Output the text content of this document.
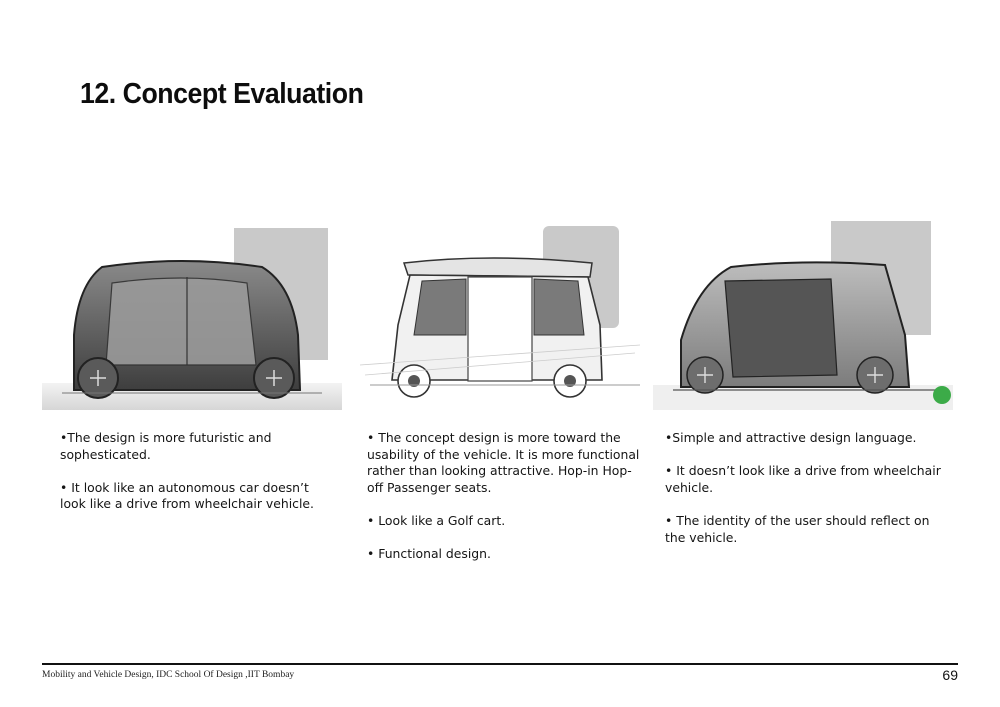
12. Concept Evaluation

•The design is more futuristic and sophesticated.

• It look like an autonomous car doesn’t look like a drive from wheelchair vehicle.

• The concept design is more toward the usability of the vehicle. It is more functional rather than looking attractive. Hop-in Hop-off Passenger seats.

• Look like a Golf cart.

• Functional design.

•Simple and attractive design language.

• It doesn’t look like a drive from wheelchair vehicle.

• The identity of the user should reflect on the vehicle.

Mobility and Vehicle Design, IDC School Of Design ,IIT Bombay	69
